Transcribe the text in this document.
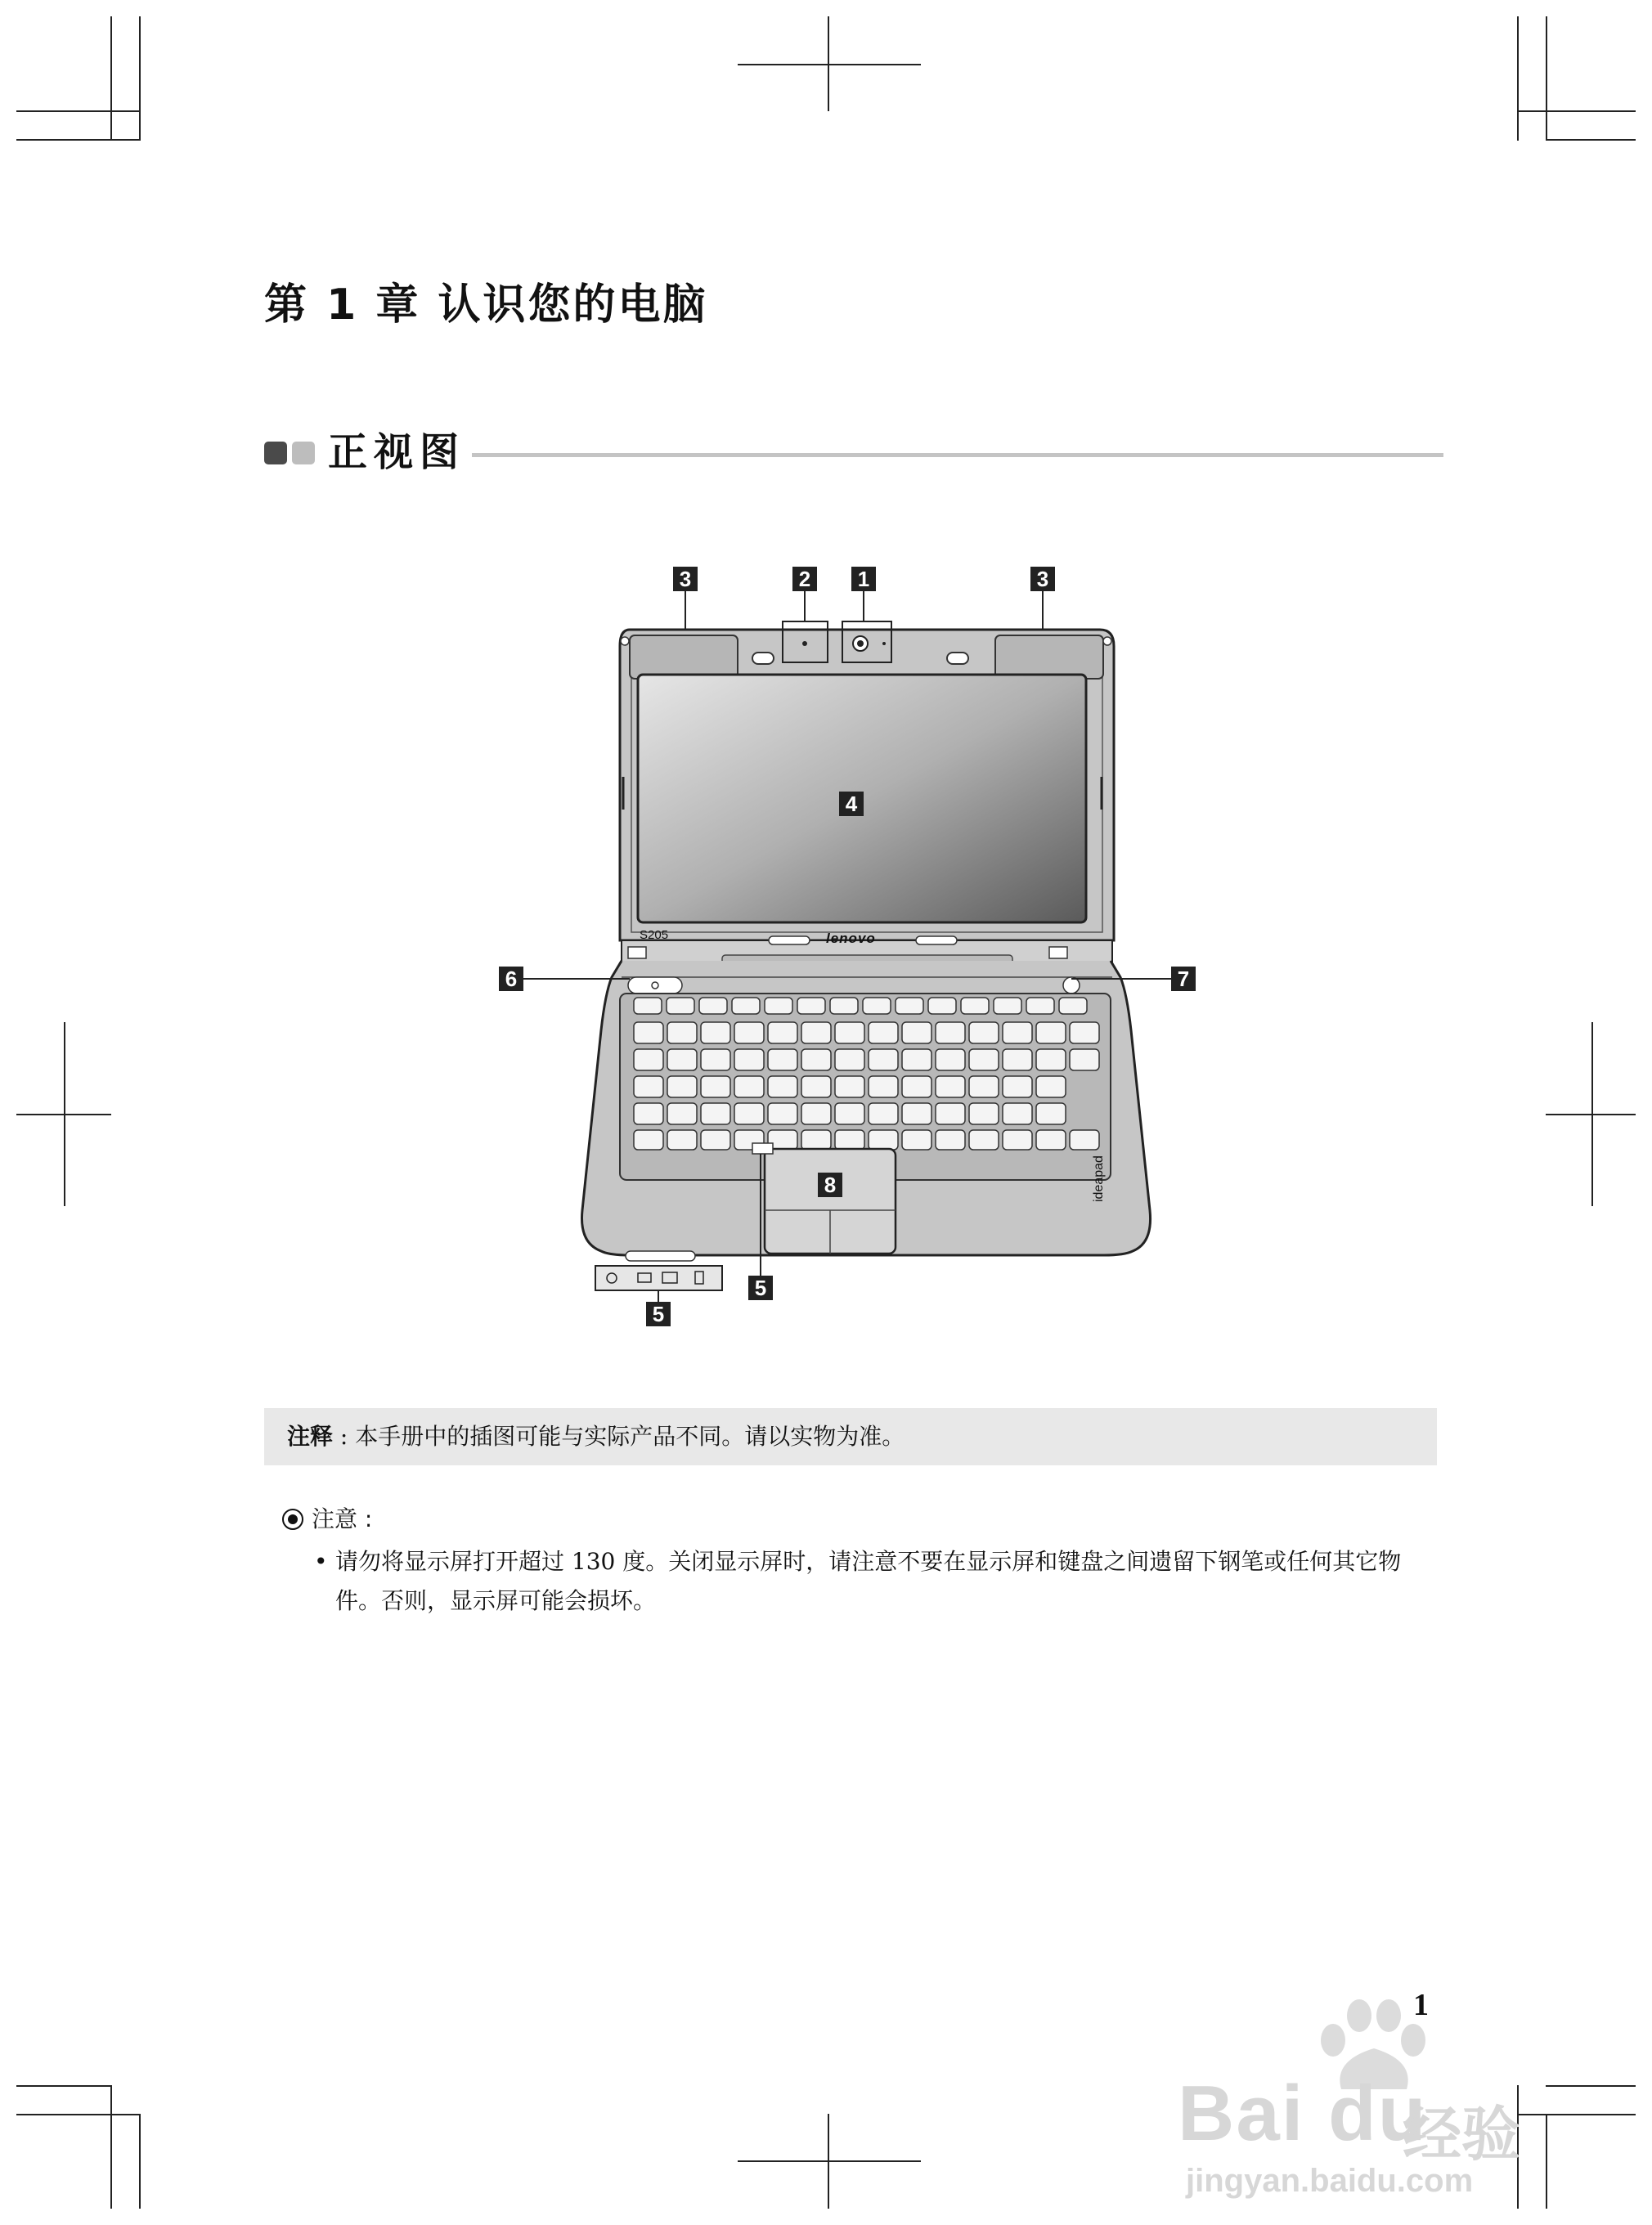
第 1 章 认识您的电脑
正视图
lenovo
S205
ideapad
3	2 1	3
4
6	7
8
5
5
注释 : 本手册中的插图可能与实际产品不同。请以实物为准。
注意 :
• 请勿将显示屏打开超过 130 度。关闭显示屏时，请注意不要在显示屏和键盘之间遗留下钢笔或任何其它物件。否则，显示屏可能会损坏。
1
Bai du
经验
jingyan.baidu.com
